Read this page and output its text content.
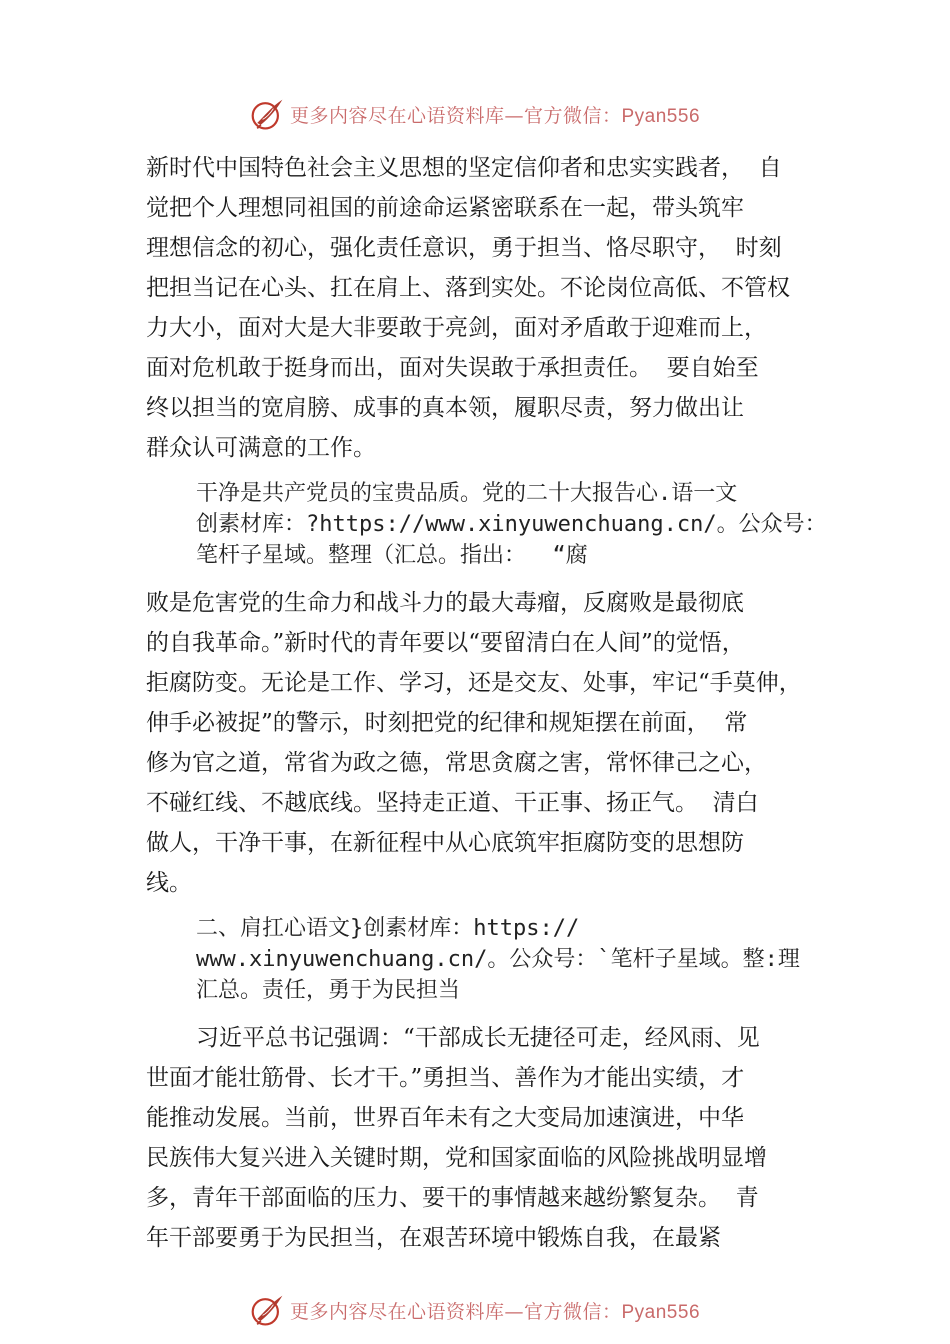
更多内容尽在心语资料库—官方微信：Pyan556

新时代中国特色社会主义思想的坚定信仰者和忠实实践者，  自

觉把个人理想同祖国的前途命运紧密联系在一起，带头筑牢

理想信念的初心，强化责任意识，勇于担当、恪尽职守，  时刻

把担当记在心头、扛在肩上、落到实处。不论岗位高低、不管权

力大小，面对大是大非要敢于亮剑，面对矛盾敢于迎难而上，

面对危机敢于挺身而出，面对失误敢于承担责任。  要自始至

终以担当的宽肩膀、成事的真本领，履职尽责，努力做出让

群众认可满意的工作。

干净是共产党员的宝贵品质。党的二十大报告心.语一文

创素材库：?https://www.xinyuwenchuang.cn/。公众号：

笔杆子星域。整理（汇总。指出：  “腐

败是危害党的生命力和战斗力的最大毒瘤，反腐败是最彻底

的自我革命。”新时代的青年要以“要留清白在人间”的觉悟，

拒腐防变。无论是工作、学习，还是交友、处事，牢记“手莫伸，

伸手必被捉”的警示，时刻把党的纪律和规矩摆在前面，  常

修为官之道，常省为政之德，常思贪腐之害，常怀律己之心，

不碰红线、不越底线。坚持走正道、干正事、扬正气。  清白

做人，干净干事，在新征程中从心底筑牢拒腐防变的思想防

线。

二、肩扛心语文}创素材库：https://

www.xinyuwenchuang.cn/。公众号：`笔杆子星域。整:理

汇总。责任，勇于为民担当

习近平总书记强调：“干部成长无捷径可走，经风雨、见

世面才能壮筋骨、长才干。”勇担当、善作为才能出实绩，才

能推动发展。当前，世界百年未有之大变局加速演进，中华

民族伟大复兴进入关键时期，党和国家面临的风险挑战明显增

多，青年干部面临的压力、要干的事情越来越纷繁复杂。  青

年干部要勇于为民担当，在艰苦环境中锻炼自我，在最紧

更多内容尽在心语资料库—官方微信：Pyan556
